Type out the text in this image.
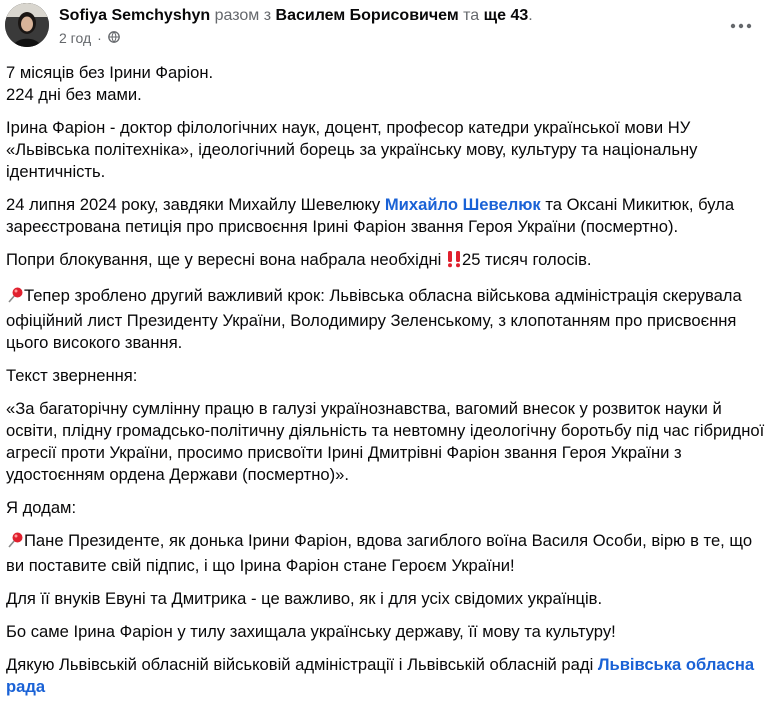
Sofiya Semchyshyn разом з Василем Борисовичем та ще 43.
2 год ·

7 місяців без Ірини Фаріон.
224 дні без мами.

Ірина Фаріон - доктор філологічних наук, доцент, професор катедри української мови НУ «Львівська політехніка», ідеологічний борець за українську мову, культуру та національну ідентичність.

24 липня 2024 року, завдяки Михайлу Шевелюку Михайло Шевелюк та Оксані Микитюк, була зареєстрована петиція про присвоєння Ірині Фаріон звання Героя України (посмертно).

Попри блокування, ще у вересні вона набрала необхідні 25 тисяч голосів.

Тепер зроблено другий важливий крок: Львівська обласна військова адміністрація скерувала офіційний лист Президенту України, Володимиру Зеленському, з клопотанням про присвоєння цього високого звання.

Текст звернення:

«За багаторічну сумлінну працю в галузі українознавства, вагомий внесок у розвиток науки й освіти, плідну громадсько-політичну діяльність та невтомну ідеологічну боротьбу під час гібридної агресії проти України, просимо присвоїти Ірині Дмитрівні Фаріон звання Героя України з удостоєнням ордена Держави (посмертно)».

Я додам:

Пане Президенте, як донька Ірини Фаріон, вдова загиблого воїна Василя Особи, вірю в те, що ви поставите свій підпис, і що Ірина Фаріон стане Героєм України!

Для її внуків Евуні та Дмитрика - це важливо, як і для усіх свідомих українців.

Бо саме Ірина Фаріон у тилу захищала українську державу, її мову та культуру!

Дякую Львівській обласній військовій адміністрації і Львівській обласній раді Львівська обласна рада
